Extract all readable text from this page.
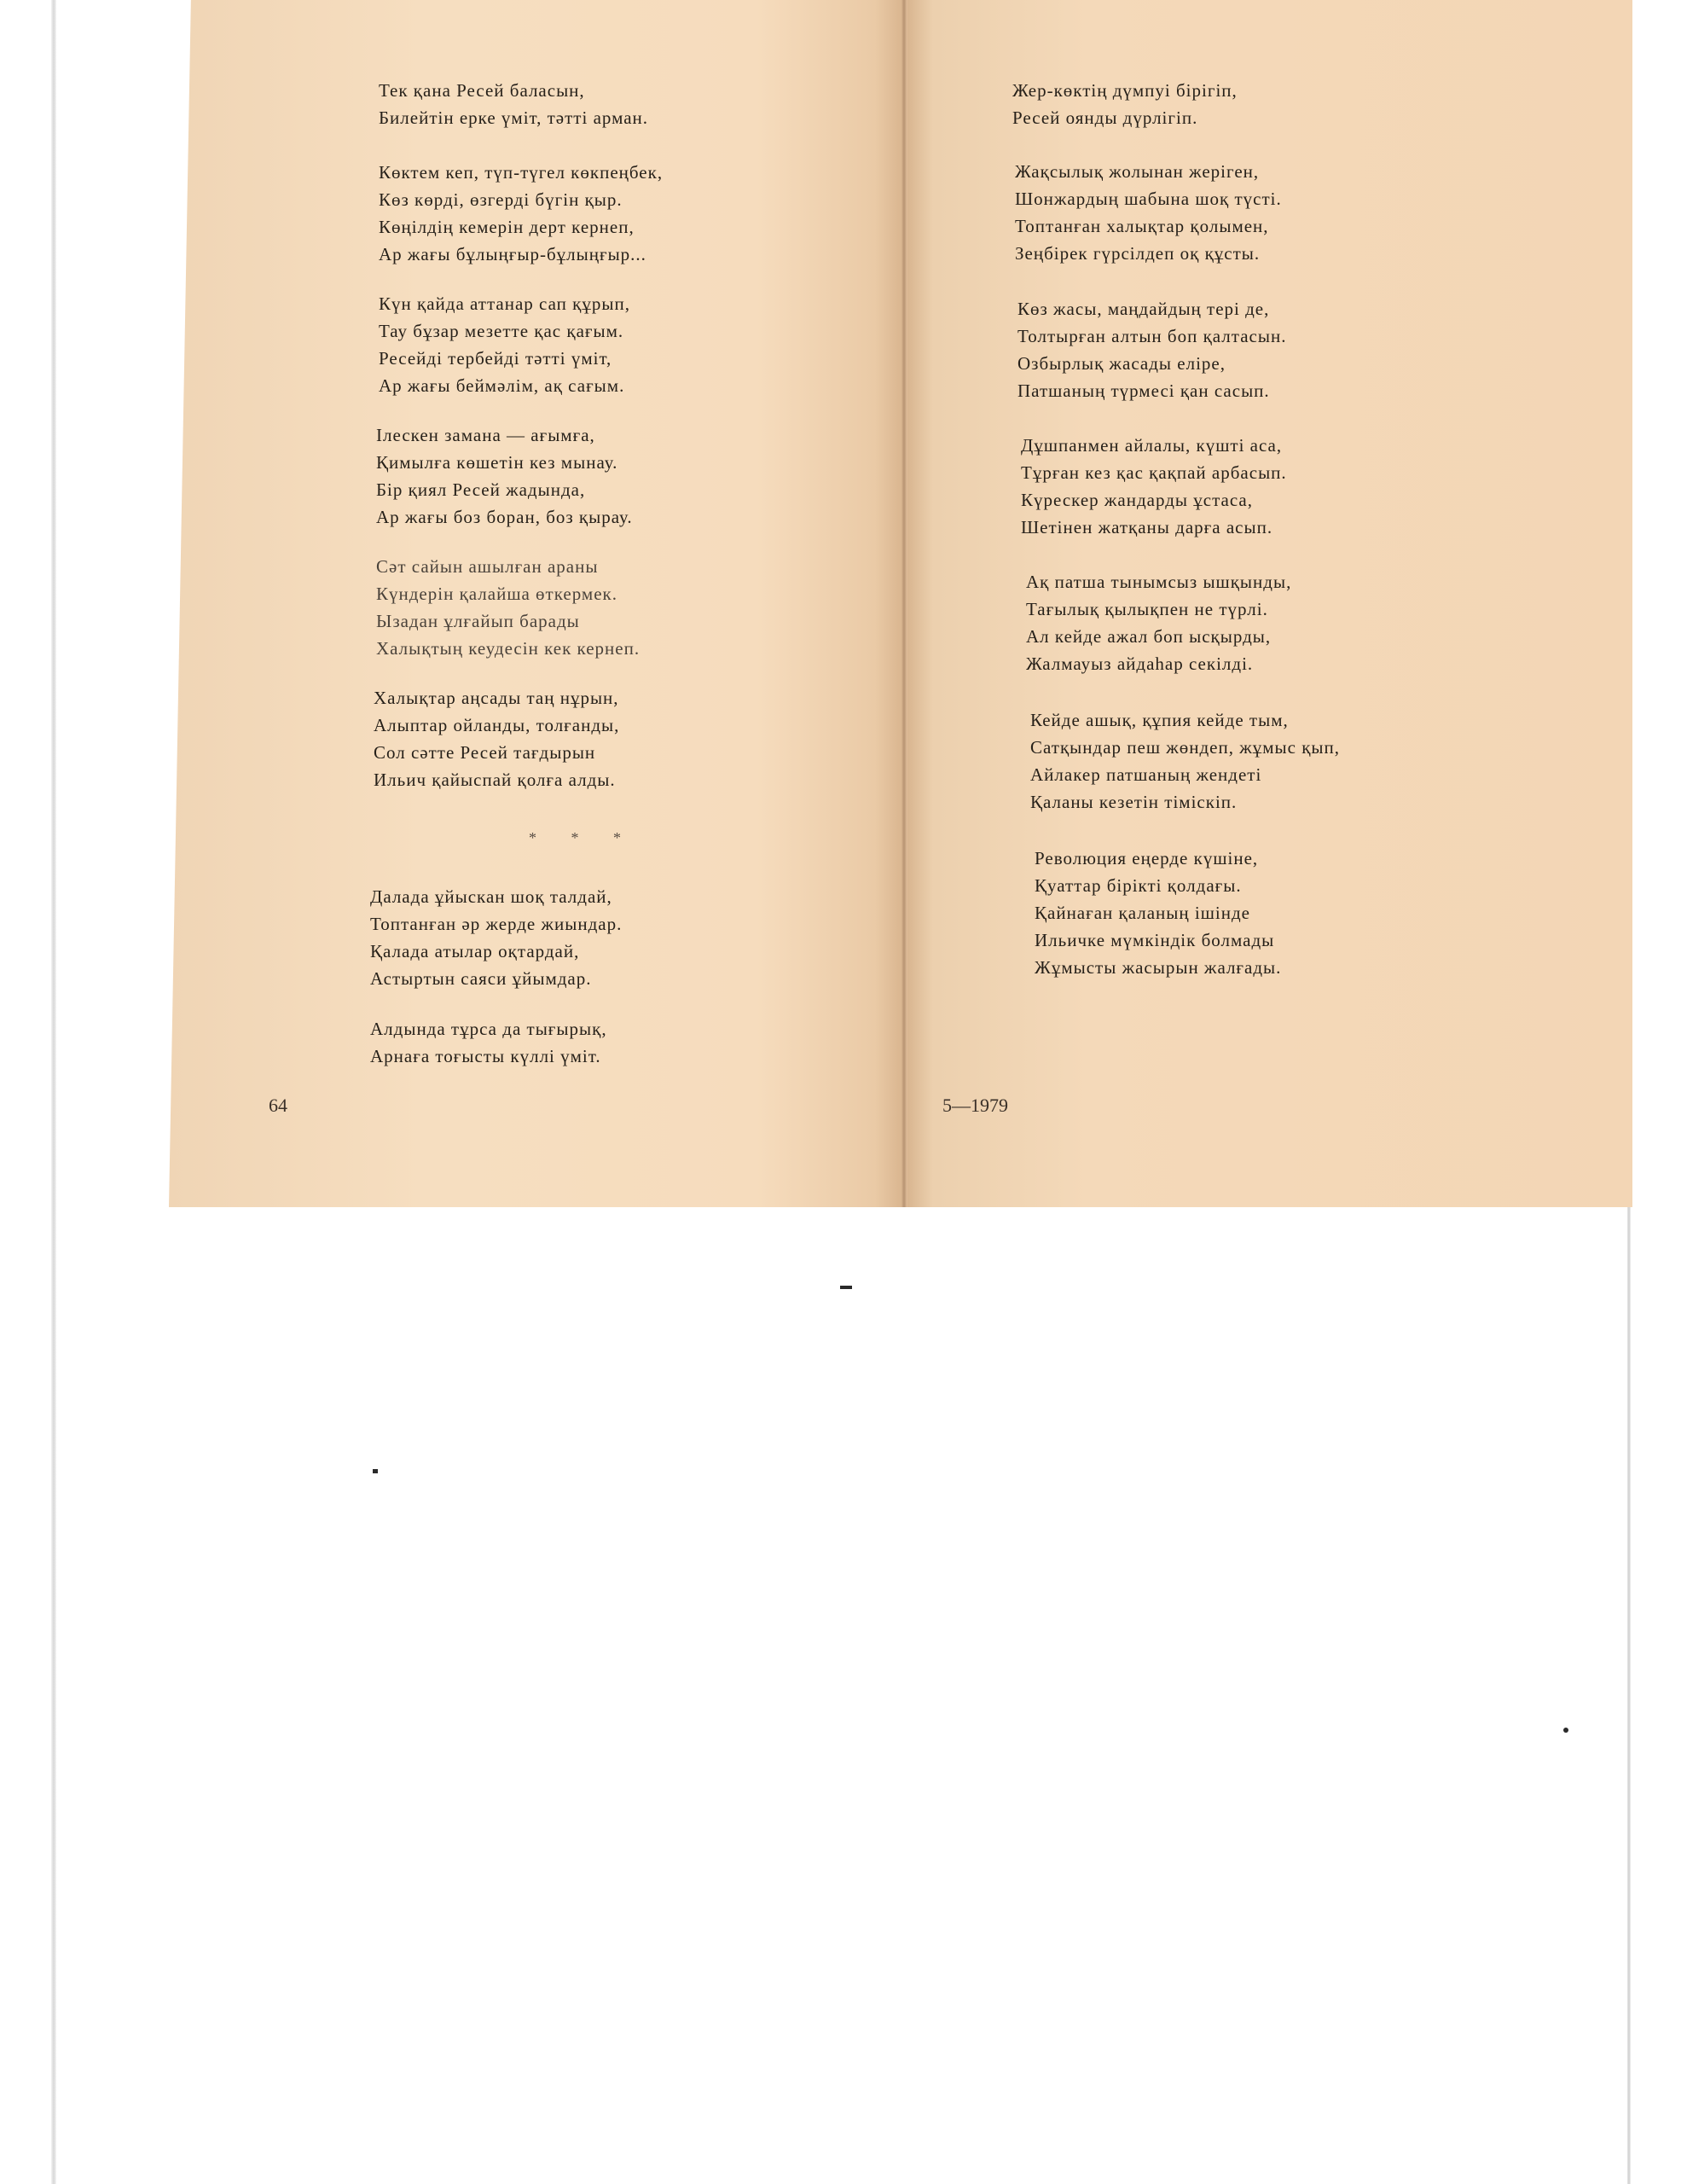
Тек қана Ресей баласын,
Билейтін ерке үміт, тәтті арман.
Көктем кеп, түп-түгел көкпеңбек,
Көз көрді, өзгерді бүгін қыр.
Көңілдің кемерін дерт кернеп,
Ар жағы бұлыңғыр-бұлыңғыр...
Күн қайда аттанар сап құрып,
Тау бұзар мезетте қас қағым.
Ресейді тербейді тәтті үміт,
Ар жағы беймәлім, ақ сағым.
Ілескен замана — ағымға,
Қимылға көшетін кез мынау.
Бір қиял Ресей жадында,
Ар жағы боз боран, боз қырау.
Сәт сайын ашылған араны
Күндерін қалайша өткермек.
Ызадан ұлғайып барады
Халықтың кеудесін кек кернеп.
Халықтар аңсады таң нұрын,
Алыптар ойланды, толғанды,
Сол сәтте Ресей тағдырын
Ильич қайыспай қолға алды.
* * *
Далада ұйыскан шоқ талдай,
Топтанған әр жерде жиындар.
Қалада атылар оқтардай,
Астыртын саяси ұйымдар.
Алдында тұрса да тығырық,
Арнаға тоғысты күллі үміт.
64
Жер-көктің дүмпуі бірігіп,
Ресей оянды дүрлігіп.
Жақсылық жолынан жеріген,
Шонжардың шабына шоқ түсті.
Топтанған халықтар қолымен,
Зеңбірек гүрсілдеп оқ құсты.
Көз жасы, маңдайдың тері де,
Толтырған алтын боп қалтасын.
Озбырлық жасады еліре,
Патшаның түрмесі қан сасып.
Дұшпанмен айлалы, күшті аса,
Тұрған кез қас қақпай арбасып.
Күрескер жандарды ұстаса,
Шетінен жатқаны дарға асып.
Ақ патша тынымсыз ышқынды,
Тағылық қылықпен не түрлі.
Ал кейде ажал боп ысқырды,
Жалмауыз айдаһар секілді.
Кейде ашық, құпия кейде тым,
Сатқындар пеш жөндеп, жұмыс қып,
Айлакер патшаның жендеті
Қаланы кезетін тіміскіп.
Революция еңерде күшіне,
Қуаттар бірікті қолдағы.
Қайнаған қаланың ішінде
Ильичке мүмкіндік болмады
Жұмысты жасырын жалғады.
5—1979
